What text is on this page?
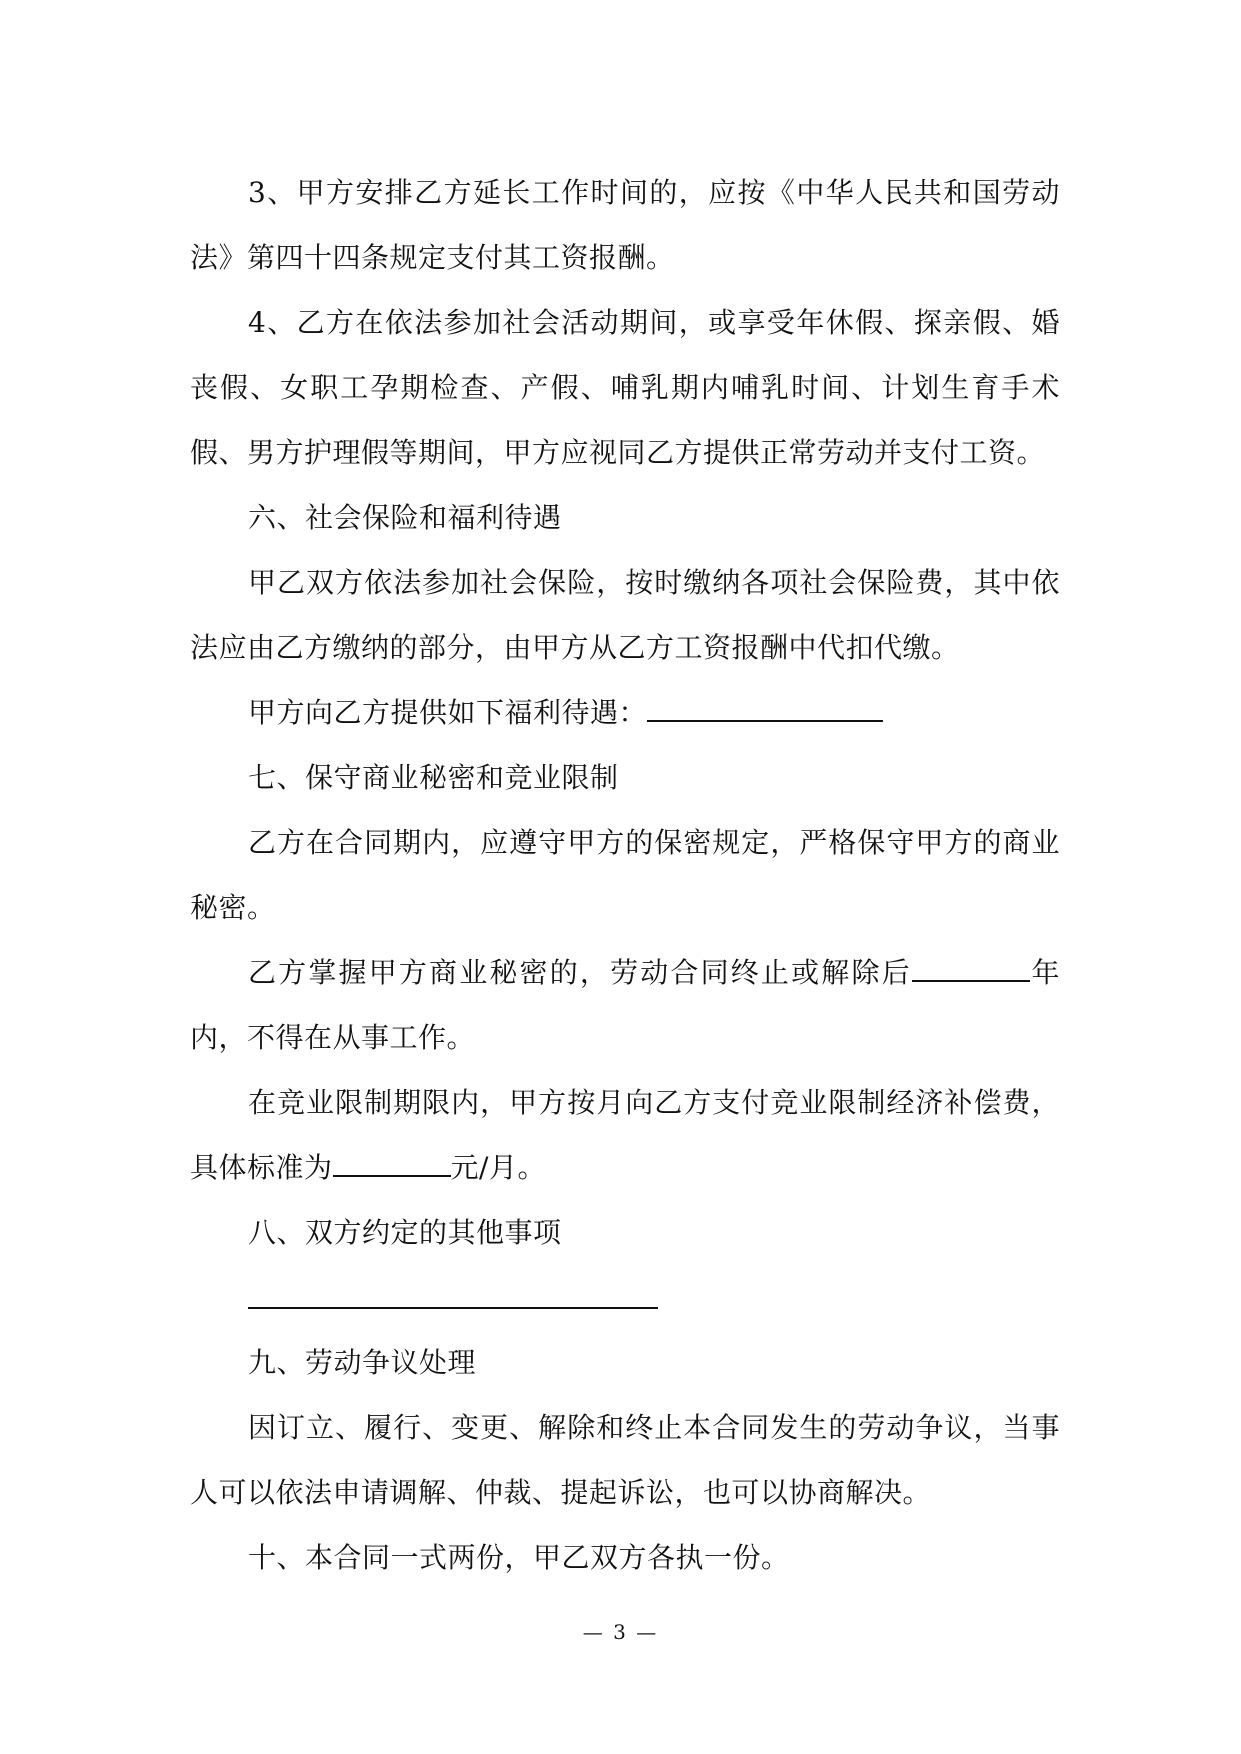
3、甲方安排乙方延长工作时间的，应按《中华人民共和国劳动法》第四十四条规定支付其工资报酬。

4、乙方在依法参加社会活动期间，或享受年休假、探亲假、婚丧假、女职工孕期检查、产假、哺乳期内哺乳时间、计划生育手术假、男方护理假等期间，甲方应视同乙方提供正常劳动并支付工资。

六、社会保险和福利待遇

甲乙双方依法参加社会保险，按时缴纳各项社会保险费，其中依法应由乙方缴纳的部分，由甲方从乙方工资报酬中代扣代缴。

甲方向乙方提供如下福利待遇：

七、保守商业秘密和竞业限制

乙方在合同期内，应遵守甲方的保密规定，严格保守甲方的商业秘密。

乙方掌握甲方商业秘密的，劳动合同终止或解除后	年内，不得在从事工作。

在竞业限制期限内，甲方按月向乙方支付竞业限制经济补偿费，具体标准为	元/月。

八、双方约定的其他事项

九、劳动争议处理

因订立、履行、变更、解除和终止本合同发生的劳动争议，当事人可以依法申请调解、仲裁、提起诉讼，也可以协商解决。

十、本合同一式两份，甲乙双方各执一份。

— 3 —
